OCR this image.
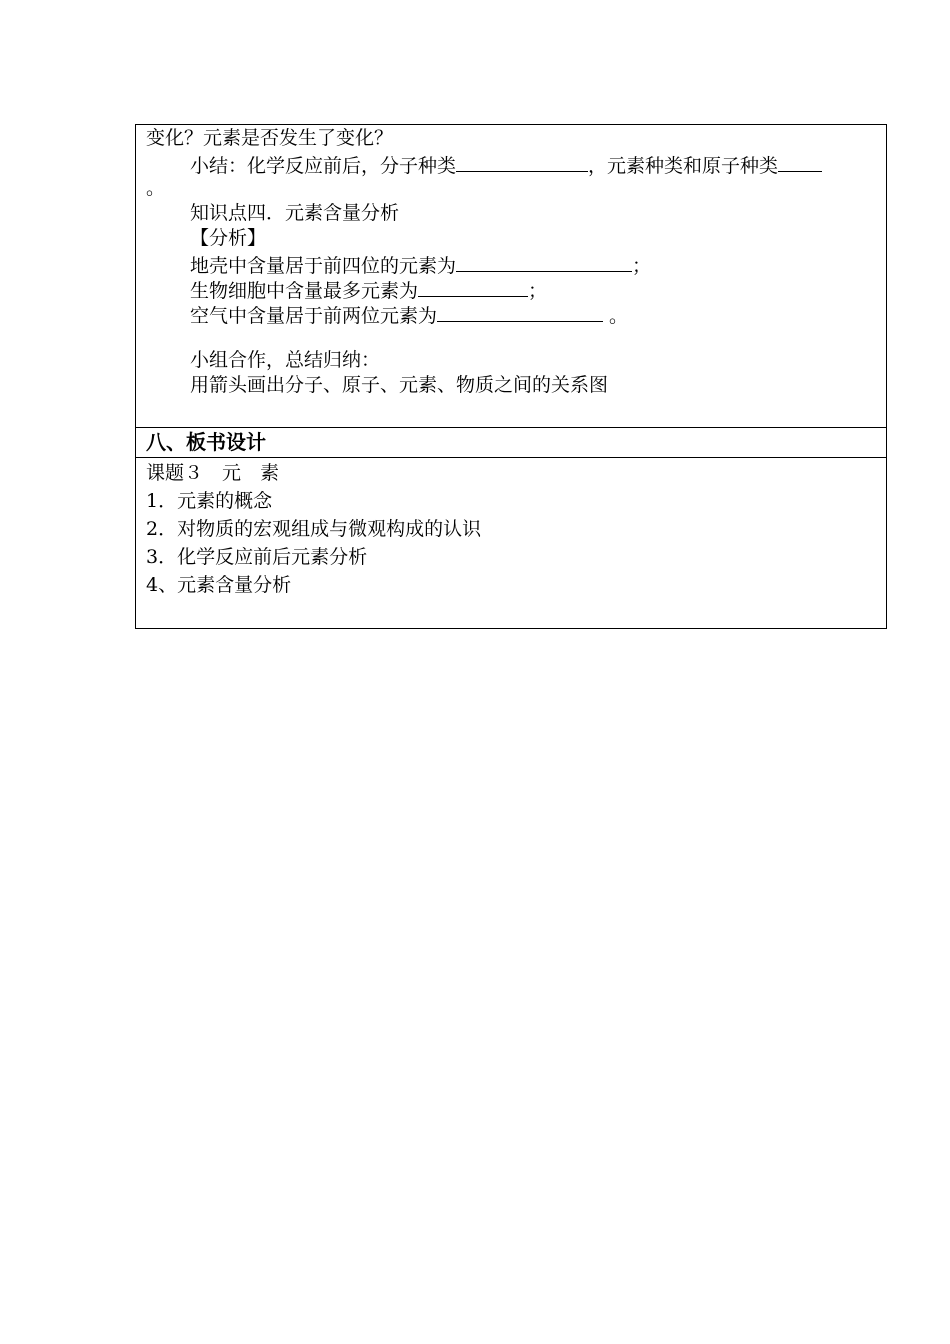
变化？元素是否发生了变化？
小结：化学反应前后，分子种类	，元素种类和原子种类
。
知识点四．元素含量分析
【分析】
地壳中含量居于前四位的元素为	；
生物细胞中含量最多元素为	；
空气中含量居于前两位元素为	。
小组合作，总结归纳：
用箭头画出分子、原子、元素、物质之间的关系图
八、板书设计
课题３　元　素
1．元素的概念
2．对物质的宏观组成与微观构成的认识
3．化学反应前后元素分析
4、元素含量分析
